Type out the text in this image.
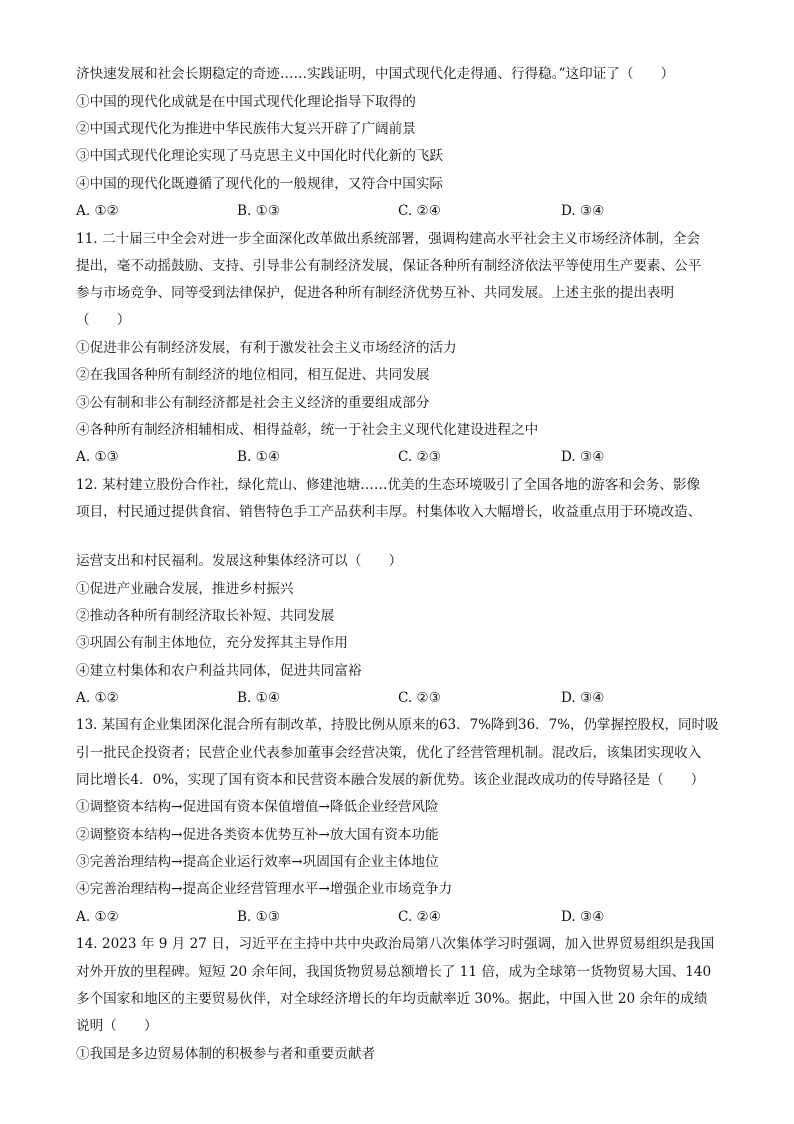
济快速发展和社会长期稳定的奇迹……实践证明，中国式现代化走得通、行得稳。”这印证了（　　）
①中国的现代化成就是在中国式现代化理论指导下取得的
②中国式现代化为推进中华民族伟大复兴开辟了广阔前景
③中国式现代化理论实现了马克思主义中国化时代化新的飞跃
④中国的现代化既遵循了现代化的一般规律，又符合中国实际
A. ①②	B. ①③	C. ②④	D. ③④
11. 二十届三中全会对进一步全面深化改革做出系统部署，强调构建高水平社会主义市场经济体制，全会
提出，毫不动摇鼓励、支持、引导非公有制经济发展，保证各种所有制经济依法平等使用生产要素、公平
参与市场竞争、同等受到法律保护，促进各种所有制经济优势互补、共同发展。上述主张的提出表明
（　　）
①促进非公有制经济发展，有利于激发社会主义市场经济的活力
②在我国各种所有制经济的地位相同，相互促进、共同发展
③公有制和非公有制经济都是社会主义经济的重要组成部分
④各种所有制经济相辅相成、相得益彰，统一于社会主义现代化建设进程之中
A. ①③	B. ①④	C. ②③	D. ③④
12. 某村建立股份合作社，绿化荒山、修建池塘……优美的生态环境吸引了全国各地的游客和会务、影像
项目，村民通过提供食宿、销售特色手工产品获利丰厚。村集体收入大幅增长，收益重点用于环境改造、
运营支出和村民福利。发展这种集体经济可以（　　）
①促进产业融合发展，推进乡村振兴
②推动各种所有制经济取长补短、共同发展
③巩固公有制主体地位，充分发挥其主导作用
④建立村集体和农户利益共同体，促进共同富裕
A. ①②	B. ①④	C. ②③	D. ③④
13. 某国有企业集团深化混合所有制改革，持股比例从原来的63．7%降到36．7%，仍掌握控股权，同时吸
引一批民企投资者；民营企业代表参加董事会经营决策，优化了经营管理机制。混改后，该集团实现收入
同比增长4．0%，实现了国有资本和民营资本融合发展的新优势。该企业混改成功的传导路径是（　　）
①调整资本结构→促进国有资本保值增值→降低企业经营风险
②调整资本结构→促进各类资本优势互补→放大国有资本功能
③完善治理结构→提高企业运行效率→巩固国有企业主体地位
④完善治理结构→提高企业经营管理水平→增强企业市场竞争力
A. ①②	B. ①③	C. ②④	D. ③④
14. 2023 年 9 月 27 日，习近平在主持中共中央政治局第八次集体学习时强调，加入世界贸易组织是我国
对外开放的里程碑。短短 20 余年间，我国货物贸易总额增长了 11 倍，成为全球第一货物贸易大国、140
多个国家和地区的主要贸易伙伴，对全球经济增长的年均贡献率近 30%。据此，中国入世 20 余年的成绩
说明（　　）
①我国是多边贸易体制的积极参与者和重要贡献者
